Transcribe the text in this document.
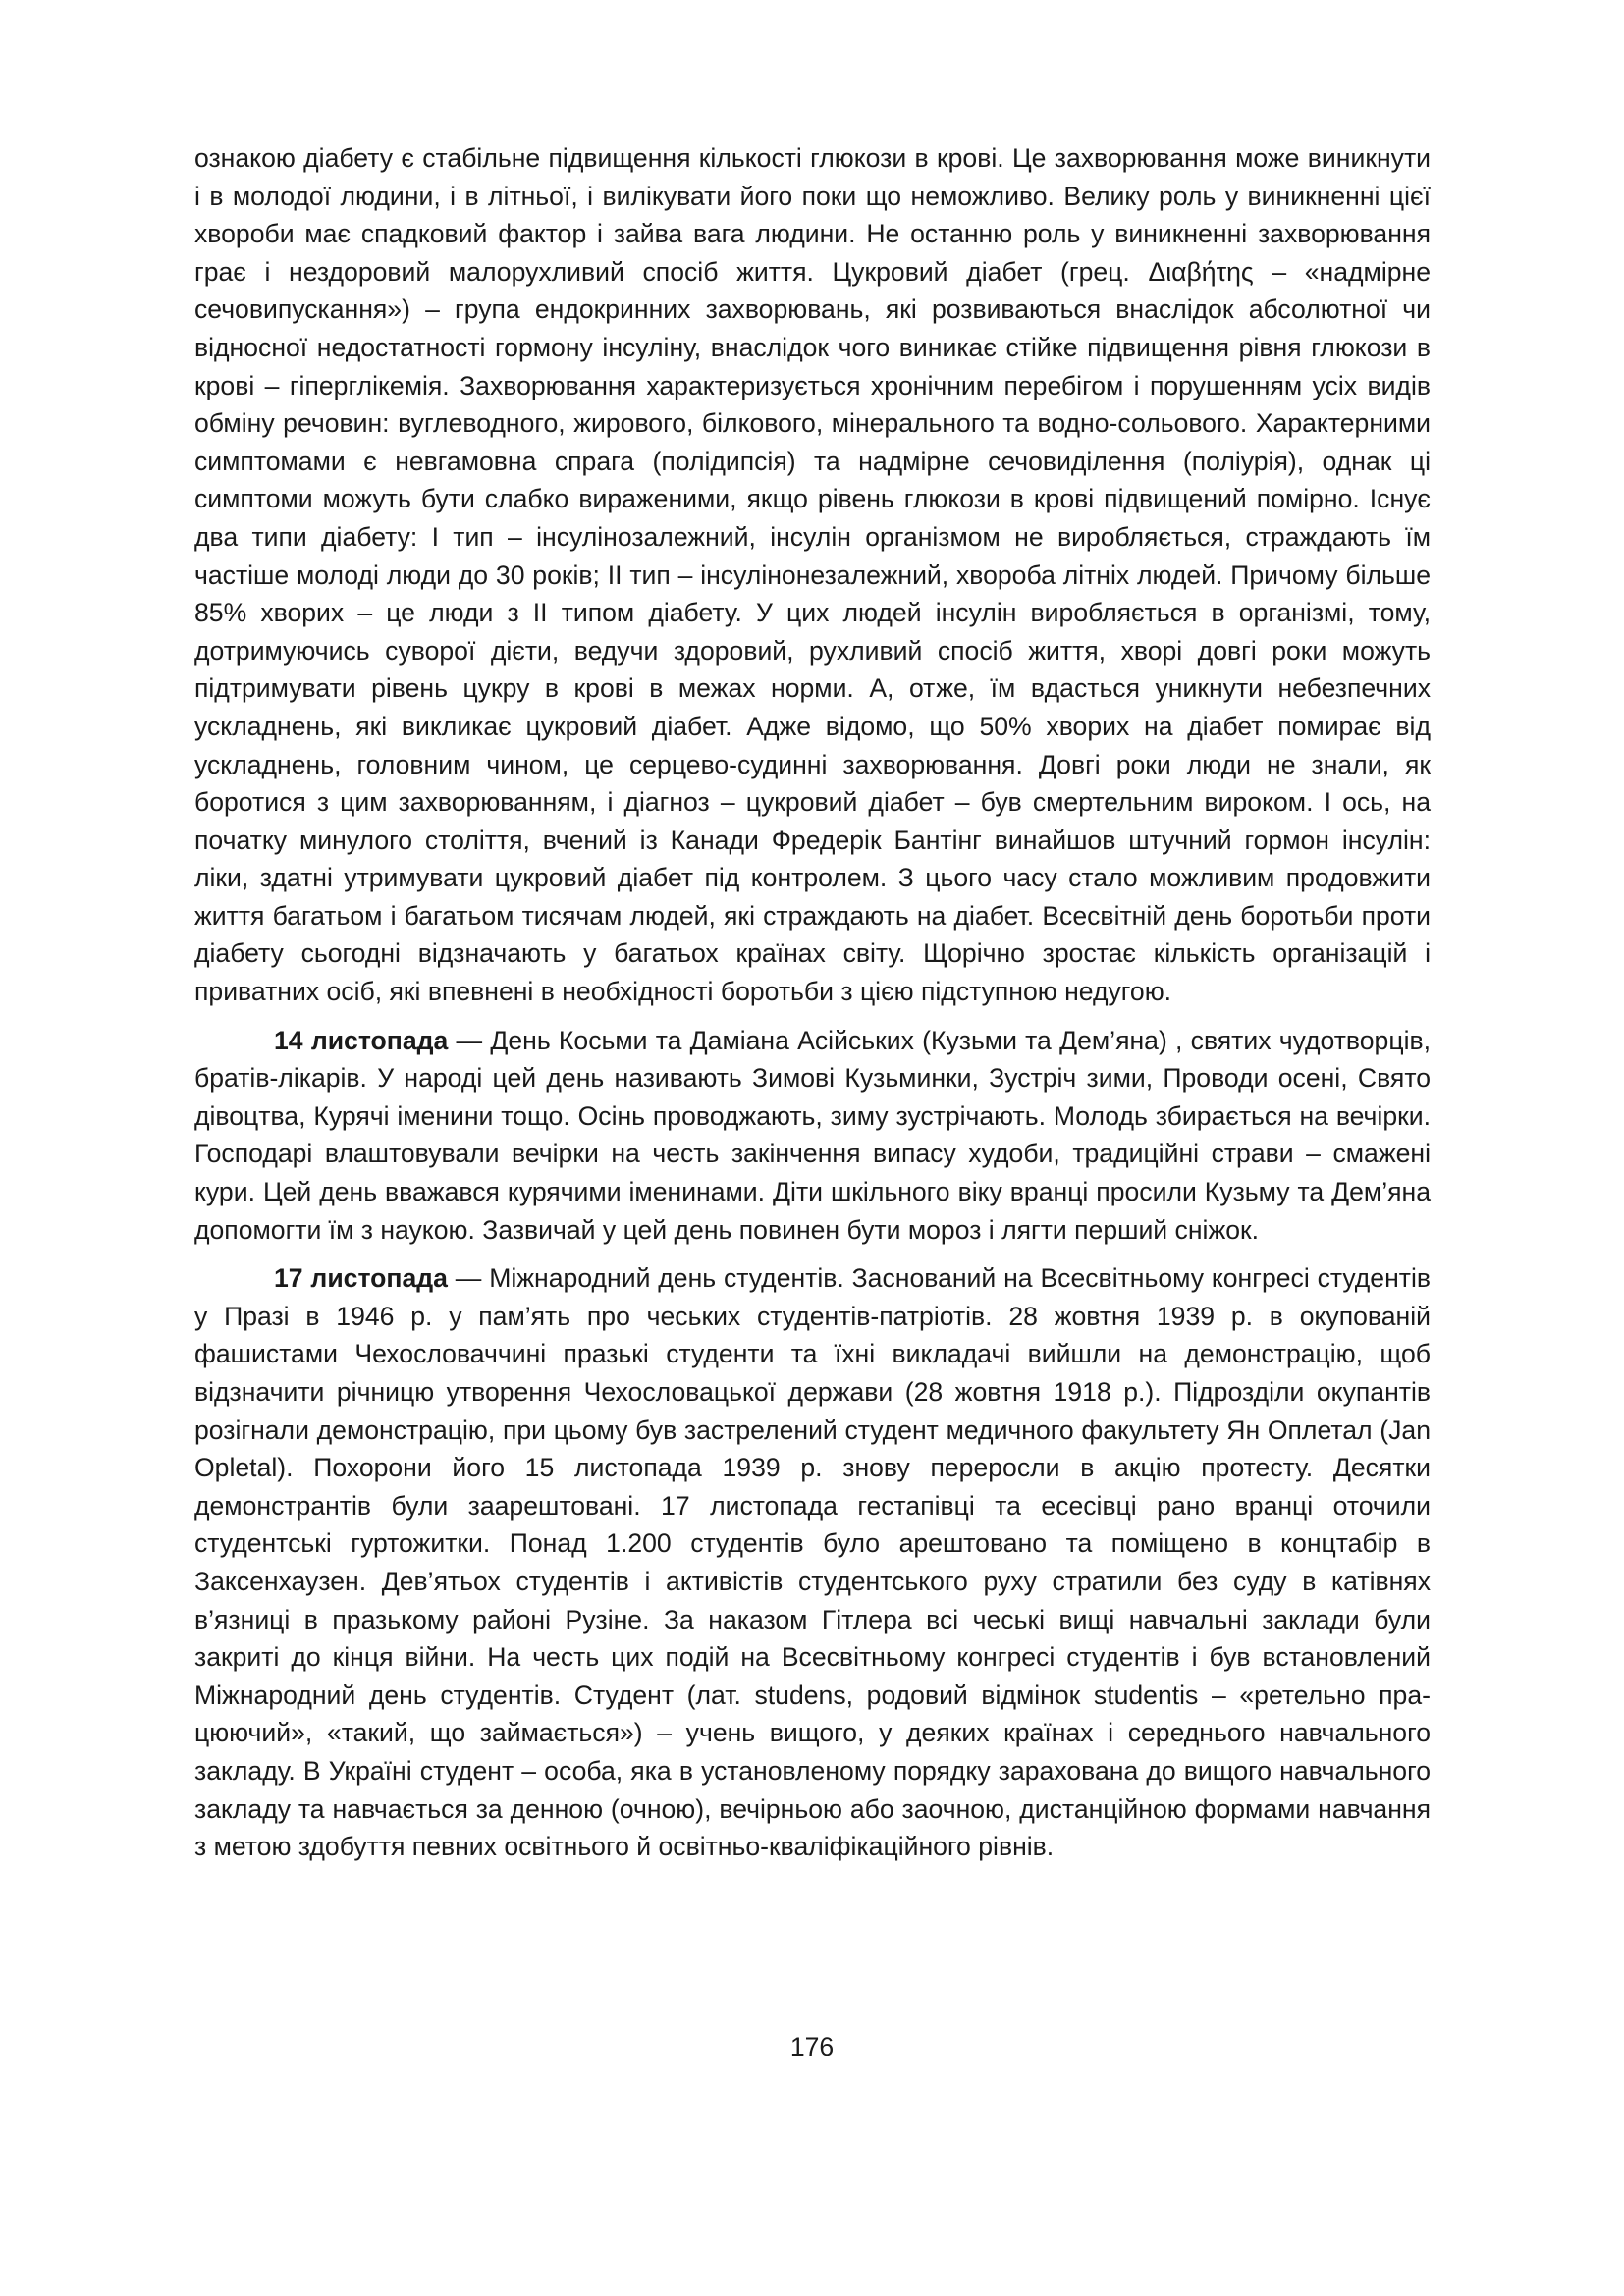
ознакою діабету є стабільне підвищення кількості глюкози в крові. Це захворювання може виникнути і в молодої людини, і в літньої, і вилікувати його поки що неможливо. Велику роль у виникненні цієї хвороби має спадковий фактор і зайва вага людини. Не останню роль у виникненні захворювання грає і нездоровий малорухливий спосіб життя. Цукровий діабет (грец. Διαβήτης – «надмірне сечовипускання») – група ендокринних захворювань, які розвиваються внаслідок абсолютної чи відносної недостатності гормону інсуліну, внаслідок чого виникає стійке підвищення рівня глюкози в крові – гіперглікемія. Захворювання характеризується хронічним перебігом і порушенням усіх видів обміну речовин: вуглеводного, жирового, білкового, мінерального та водно-сольового. Характерними симптомами є невгамовна спрага (полідипсія) та надмірне сечовиділення (поліурія), однак ці симптоми можуть бути слабко вираженими, якщо рівень глюкози в крові підвищений помірно. Існує два типи діабету: І тип – інсулінозалежний, інсулін організмом не виробляється, страждають їм частіше молоді люди до 30 років; ІІ тип – інсулінонезалежний, хвороба літніх людей. Причому більше 85% хворих – це люди з ІІ типом діабету. У цих людей інсулін виробляється в організмі, тому, дотримуючись суворої дієти, ведучи здоровий, рухливий спосіб життя, хворі довгі роки можуть підтримувати рівень цукру в крові в межах норми. А, отже, їм вдасться уникнути небезпечних ускладнень, які викликає цукровий діабет. Адже відомо, що 50% хворих на діабет помирає від ускладнень, головним чином, це серцево-судинні захворювання. Довгі роки люди не знали, як боротися з цим захворюванням, і діагноз – цукровий діабет – був смертельним вироком. І ось, на початку минулого століття, вчений із Канади Фредерік Бантінг винайшов штучний гормон інсулін: ліки, здатні утримувати цукровий діабет під контролем. З цього часу стало можливим продовжити життя багатьом і багатьом тисячам людей, які страждають на діабет. Всесвітній день боротьби проти діабету сьогодні відзначають у багатьох країнах світу. Щорічно зростає кількість організацій і приватних осіб, які впевнені в необхідності боротьби з цією підступною недугою.

14 листопада — День Косьми та Даміана Асійських (Кузьми та Дем’яна) , святих чудотворців, братів-лікарів. У народі цей день називають Зимові Кузьминки, Зустріч зими, Проводи осені, Свято дівоцтва, Курячі іменини тощо. Осінь проводжають, зиму зустрічають. Молодь збирається на вечірки. Господарі влаштовували вечірки на честь закінчення випасу худоби, традиційні страви – смажені кури. Цей день вважався курячими іменинами. Діти шкільного віку вранці просили Кузьму та Дем’яна допомогти їм з наукою. Зазвичай у цей день повинен бути мороз і лягти перший сніжок.

17 листопада — Міжнародний день студентів. Заснований на Всесвітньому конгресі студентів у Празі в 1946 р. у пам’ять про чеських студентів-патріотів. 28 жовтня 1939 р. в окупованій фашистами Чехословаччині празькі студенти та їхні викладачі вийшли на демонстрацію, щоб відзначити річницю утворення Чехословацької держави (28 жовтня 1918 р.). Підрозділи окупантів розігнали демонстрацію, при цьому був застрелений студент медичного факультету Ян Оплетал (Jan Opletal). Похорони його 15 листопада 1939 р. знову переросли в акцію протесту. Десятки демонстрантів були заарештовані. 17 листопада гестапівці та есесівці рано вранці оточили студентські гуртожитки. Понад 1.200 студентів було арештовано та поміщено в концтабір в Заксенхаузен. Дев’ятьох студентів і активістів студентського руху стратили без суду в катівнях в’язниці в празькому районі Рузіне. За наказом Гітлера всі чеські вищі навчальні заклади були закриті до кінця війни. На честь цих подій на Всесвітньому конгресі студентів і був встановлений Міжнародний день студентів. Студент (лат. studens, родовий відмінок studentis – «ретельно працюючий», «такий, що займається») – учень вищого, у деяких країнах і середнього навчального закладу. В Україні студент – особа, яка в установленому порядку зарахована до вищого навчального закладу та навчається за денною (очною), вечірньою або заочною, дистанційною формами навчання з метою здобуття певних освітнього й освітньо-кваліфікаційного рівнів.

176
